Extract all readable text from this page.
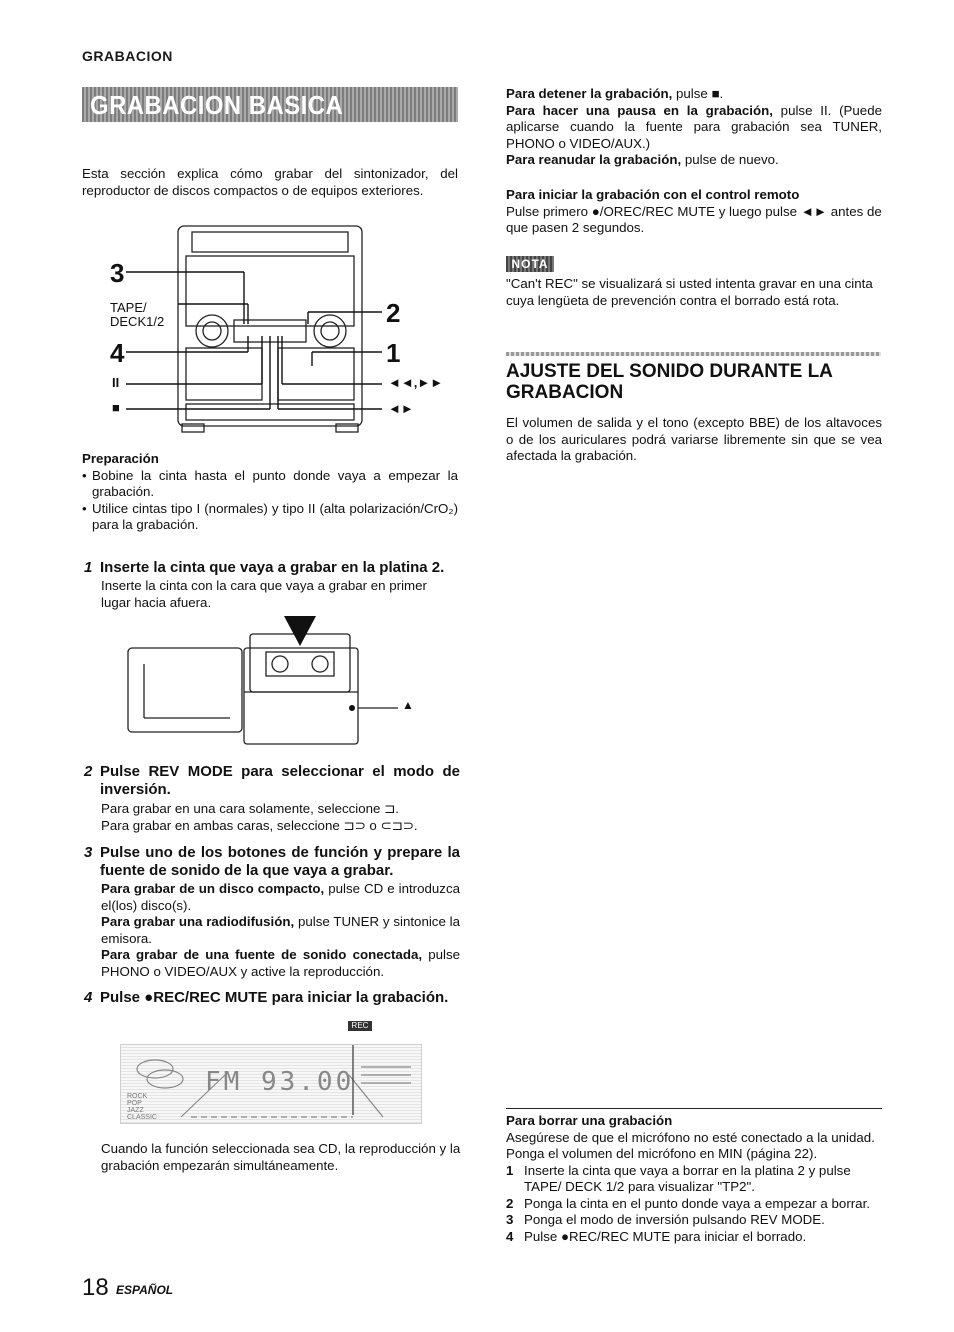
GRABACION
GRABACION BASICA
Esta sección explica cómo grabar del sintonizador, del reproductor de discos compactos o de equipos exteriores.
3
TAPE/
DECK1/2
4
II
■
2
1
◄◄,►►
◄►
Preparación
• Bobine la cinta hasta el punto donde vaya a empezar la grabación.
• Utilice cintas tipo I (normales) y tipo II (alta polarización/CrO₂) para la grabación.
1 Inserte la cinta que vaya a grabar en la platina 2.
Inserte la cinta con la cara que vaya a grabar en primer lugar hacia afuera.
▲
2 Pulse REV MODE para seleccionar el modo de inversión.
Para grabar en una cara solamente, seleccione ⊐.
Para grabar en ambas caras, seleccione ⊐⊃ o ⊂⊐⊃.
3 Pulse uno de los botones de función y prepare la fuente de sonido de la que vaya a grabar.
Para grabar de un disco compacto, pulse CD e introduzca el(los) disco(s).
Para grabar una radiodifusión, pulse TUNER y sintonice la emisora.
Para grabar de una fuente de sonido conectada, pulse PHONO o VIDEO/AUX y active la reproducción.
4 Pulse ●REC/REC MUTE para iniciar la grabación.
REC
FM 93.00
ROCK
POP
JAZZ
CLASSIC
Cuando la función seleccionada sea CD, la reproducción y la grabación empezarán simultáneamente.
Para detener la grabación, pulse ■.
Para hacer una pausa en la grabación, pulse II. (Puede aplicarse cuando la fuente para grabación sea TUNER, PHONO o VIDEO/AUX.)
Para reanudar la grabación, pulse de nuevo.
Para iniciar la grabación con el control remoto
Pulse primero ●/OREC/REC MUTE y luego pulse ◄► antes de que pasen 2 segundos.
NOTA
"Can't REC" se visualizará si usted intenta gravar en una cinta cuya lengüeta de prevención contra el borrado está rota.
AJUSTE DEL SONIDO DURANTE LA GRABACION
El volumen de salida y el tono (excepto BBE) de los altavoces o de los auriculares podrá variarse libremente sin que se vea afectada la grabación.
Para borrar una grabación
Asegúrese de que el micrófono no esté conectado a la unidad.
Ponga el volumen del micrófono en MIN (página 22).
1 Inserte la cinta que vaya a borrar en la platina 2 y pulse TAPE/ DECK 1/2 para visualizar "TP2".
2 Ponga la cinta en el punto donde vaya a empezar a borrar.
3 Ponga el modo de inversión pulsando REV MODE.
4 Pulse ●REC/REC MUTE para iniciar el borrado.
18 ESPAÑOL
